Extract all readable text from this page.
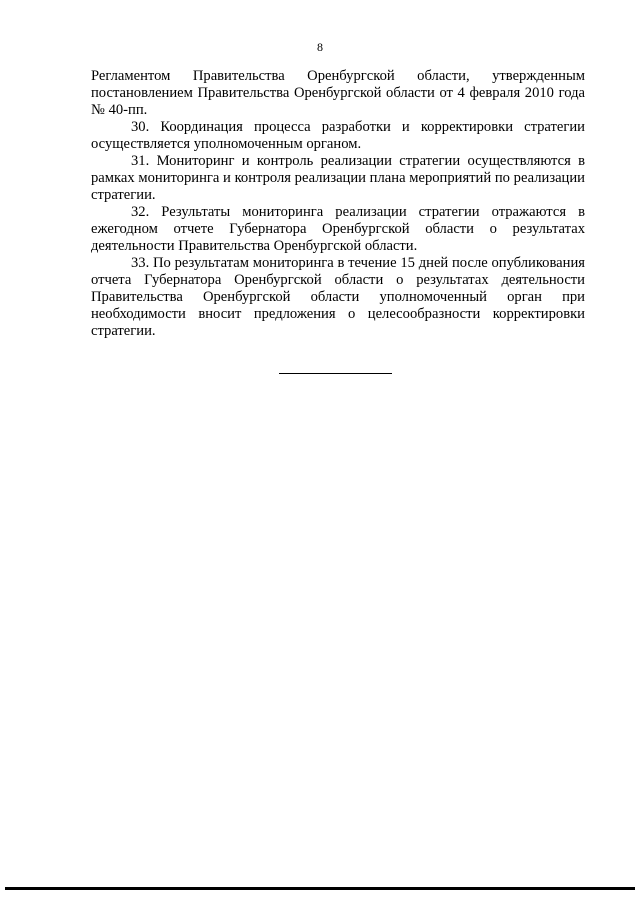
8

Регламентом Правительства Оренбургской области, утвержденным постановлением Правительства Оренбургской области от 4 февраля 2010 года № 40-пп.

30. Координация процесса разработки и корректировки стратегии осуществляется уполномоченным органом.

31. Мониторинг и контроль реализации стратегии осуществляются в рамках мониторинга и контроля реализации плана мероприятий по реализации стратегии.

32. Результаты мониторинга реализации стратегии отражаются в ежегодном отчете Губернатора Оренбургской области о результатах деятельности Правительства Оренбургской области.

33. По результатам мониторинга в течение 15 дней после опубликования отчета Губернатора Оренбургской области о результатах деятельности Правительства Оренбургской области уполномоченный орган при необходимости вносит предложения о целесообразности корректировки стратегии.
